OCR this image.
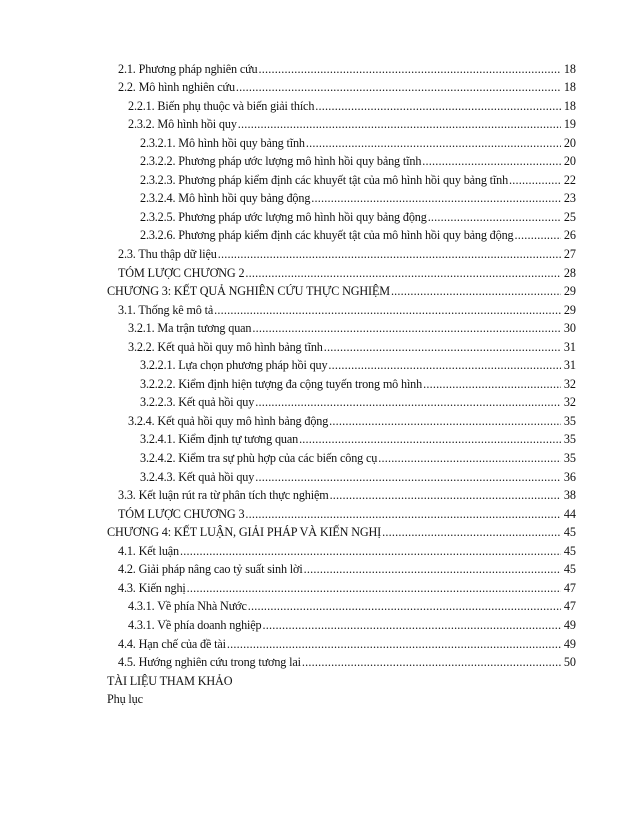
2.1. Phương pháp nghiên cứu .....	18
2.2. Mô hình nghiên cứu .....	18
2.2.1. Biến phụ thuộc và biến giải thích .....	18
2.3.2. Mô hình hồi quy .....	19
2.3.2.1. Mô hình hồi quy bảng tĩnh .....	20
2.3.2.2. Phương pháp ước lượng mô hình hồi quy bảng tĩnh .....	20
2.3.2.3. Phương pháp kiểm định các khuyết tật của mô hình hồi quy bảng tĩnh .....	22
2.3.2.4. Mô hình hồi quy bảng động .....	23
2.3.2.5. Phương pháp ước lượng mô hình hồi quy bảng động .....	25
2.3.2.6. Phương pháp kiểm định các khuyết tật của mô hình hồi quy bảng động .....	26
2.3. Thu thập dữ liệu .....	27
TÓM LƯỢC CHƯƠNG 2 .....	28
CHƯƠNG 3: KẾT QUẢ NGHIÊN CỨU THỰC NGHIỆM .....	29
3.1. Thống kê mô tả .....	29
3.2.1. Ma trận tương quan .....	30
3.2.2. Kết quả hồi quy mô hình bảng tĩnh .....	31
3.2.2.1. Lựa chọn phương pháp hồi quy .....	31
3.2.2.2. Kiểm định hiện tượng đa cộng tuyến trong mô hình .....	32
3.2.2.3. Kết quả hồi quy .....	32
3.2.4. Kết quả hồi quy mô hình bảng động .....	35
3.2.4.1. Kiểm định tự tương quan .....	35
3.2.4.2. Kiểm tra sự phù hợp của các biến công cụ .....	35
3.2.4.3. Kết quả hồi quy .....	36
3.3. Kết luận rút ra từ phân tích thực nghiệm .....	38
TÓM LƯỢC CHƯƠNG 3 .....	44
CHƯƠNG 4: KẾT LUẬN, GIẢI PHÁP VÀ KIẾN NGHỊ .....	45
4.1. Kết luận .....	45
4.2. Giải pháp nâng cao tỷ suất sinh lời .....	45
4.3. Kiến nghị .....	47
4.3.1. Về phía Nhà Nước .....	47
4.3.1. Về phía doanh nghiệp .....	49
4.4. Hạn chế của đề tài .....	49
4.5. Hướng nghiên cứu trong tương lai .....	50
TÀI LIỆU THAM KHẢO
Phụ lục
